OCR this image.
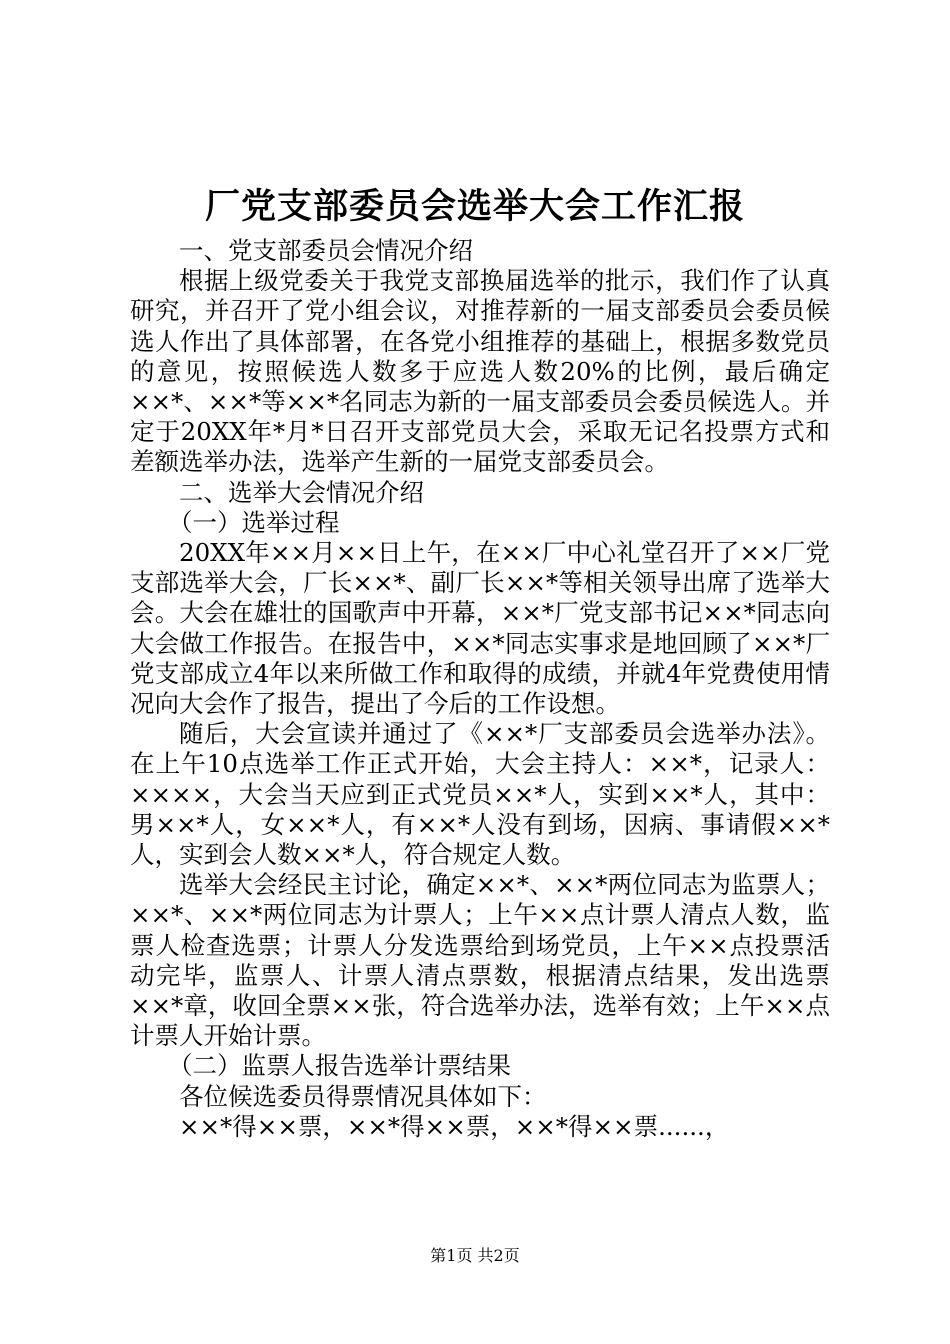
厂党支部委员会选举大会工作汇报

一、党支部委员会情况介绍

根据上级党委关于我党支部换届选举的批示，我们作了认真研究，并召开了党小组会议，对推荐新的一届支部委员会委员候选人作出了具体部署，在各党小组推荐的基础上，根据多数党员的意见，按照候选人数多于应选人数20%的比例，最后确定××*、××*等××*名同志为新的一届支部委员会委员候选人。并定于20XX年*月*日召开支部党员大会，采取无记名投票方式和差额选举办法，选举产生新的一届党支部委员会。

二、选举大会情况介绍

（一）选举过程

20XX年××月××日上午，在××厂中心礼堂召开了××厂党支部选举大会，厂长××*、副厂长××*等相关领导出席了选举大会。大会在雄壮的国歌声中开幕，××*厂党支部书记××*同志向大会做工作报告。在报告中，××*同志实事求是地回顾了××*厂党支部成立4年以来所做工作和取得的成绩，并就4年党费使用情况向大会作了报告，提出了今后的工作设想。

随后，大会宣读并通过了《××*厂支部委员会选举办法》。在上午10点选举工作正式开始，大会主持人：××*，记录人：××××，大会当天应到正式党员××*人，实到××*人，其中：男××*人，女××*人，有××*人没有到场，因病、事请假××*人，实到会人数××*人，符合规定人数。

选举大会经民主讨论，确定××*、××*两位同志为监票人；××*、××*两位同志为计票人；上午××点计票人清点人数，监票人检查选票；计票人分发选票给到场党员，上午××点投票活动完毕，监票人、计票人清点票数，根据清点结果，发出选票××*章，收回全票××张，符合选举办法，选举有效；上午××点计票人开始计票。

（二）监票人报告选举计票结果

各位候选委员得票情况具体如下：

××*得××票，××*得××票，××*得××票......，

第1页 共2页
